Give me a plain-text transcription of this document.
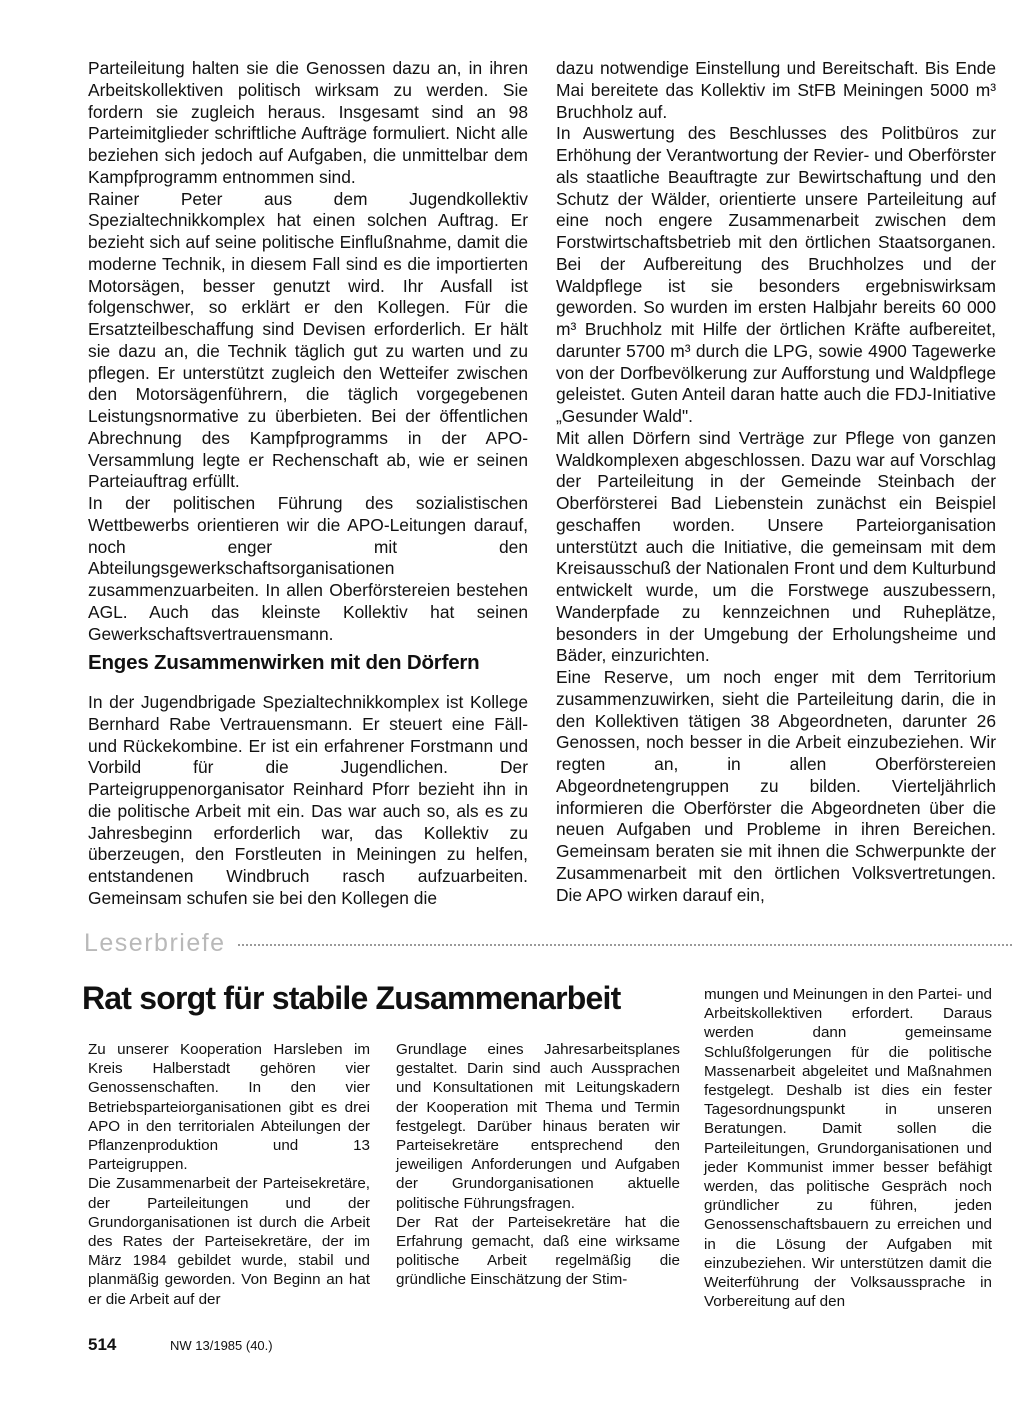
Parteileitung halten sie die Genossen dazu an, in ihren Arbeitskollektiven politisch wirksam zu werden. Sie fordern sie zugleich heraus. Insgesamt sind an 98 Parteimitglieder schriftliche Aufträge formuliert. Nicht alle beziehen sich jedoch auf Aufgaben, die unmittelbar dem Kampfprogramm entnommen sind.

Rainer Peter aus dem Jugendkollektiv Spezialtechnikkomplex hat einen solchen Auftrag. Er bezieht sich auf seine politische Einflußnahme, damit die moderne Technik, in diesem Fall sind es die importierten Motorsägen, besser genutzt wird. Ihr Ausfall ist folgenschwer, so erklärt er den Kollegen. Für die Ersatzteilbeschaffung sind Devisen erforderlich. Er hält sie dazu an, die Technik täglich gut zu warten und zu pflegen. Er unterstützt zugleich den Wetteifer zwischen den Motorsägenführern, die täglich vorgegebenen Leistungsnormative zu überbieten. Bei der öffentlichen Abrechnung des Kampfprogramms in der APO-Versammlung legte er Rechenschaft ab, wie er seinen Parteiauftrag erfüllt.

In der politischen Führung des sozialistischen Wettbewerbs orientieren wir die APO-Leitungen darauf, noch enger mit den Abteilungsgewerkschaftsorganisationen zusammenzuarbeiten. In allen Oberförstereien bestehen AGL. Auch das kleinste Kollektiv hat seinen Gewerkschaftsvertrauensmann.

Enges Zusammenwirken mit den Dörfern

In der Jugendbrigade Spezialtechnikkomplex ist Kollege Bernhard Rabe Vertrauensmann. Er steuert eine Fäll- und Rückekombine. Er ist ein erfahrener Forstmann und Vorbild für die Jugendlichen. Der Parteigruppenorganisator Reinhard Pforr bezieht ihn in die politische Arbeit mit ein. Das war auch so, als es zu Jahresbeginn erforderlich war, das Kollektiv zu überzeugen, den Forstleuten in Meiningen zu helfen, entstandenen Windbruch rasch aufzuarbeiten. Gemeinsam schufen sie bei den Kollegen die

dazu notwendige Einstellung und Bereitschaft. Bis Ende Mai bereitete das Kollektiv im StFB Meiningen 5000 m³ Bruchholz auf.

In Auswertung des Beschlusses des Politbüros zur Erhöhung der Verantwortung der Revier- und Oberförster als staatliche Beauftragte zur Bewirtschaftung und den Schutz der Wälder, orientierte unsere Parteileitung auf eine noch engere Zusammenarbeit zwischen dem Forstwirtschaftsbetrieb mit den örtlichen Staatsorganen. Bei der Aufbereitung des Bruchholzes und der Waldpflege ist sie besonders ergebniswirksam geworden. So wurden im ersten Halbjahr bereits 60 000 m³ Bruchholz mit Hilfe der örtlichen Kräfte aufbereitet, darunter 5700 m³ durch die LPG, sowie 4900 Tagewerke von der Dorfbevölkerung zur Aufforstung und Waldpflege geleistet. Guten Anteil daran hatte auch die FDJ-Initiative „Gesunder Wald".

Mit allen Dörfern sind Verträge zur Pflege von ganzen Waldkomplexen abgeschlossen. Dazu war auf Vorschlag der Parteileitung in der Gemeinde Steinbach der Oberförsterei Bad Liebenstein zunächst ein Beispiel geschaffen worden. Unsere Parteiorganisation unterstützt auch die Initiative, die gemeinsam mit dem Kreisausschuß der Nationalen Front und dem Kulturbund entwickelt wurde, um die Forstwege auszubessern, Wanderpfade zu kennzeichnen und Ruheplätze, besonders in der Umgebung der Erholungsheime und Bäder, einzurichten.

Eine Reserve, um noch enger mit dem Territorium zusammenzuwirken, sieht die Parteileitung darin, die in den Kollektiven tätigen 38 Abgeordneten, darunter 26 Genossen, noch besser in die Arbeit einzubeziehen. Wir regten an, in allen Oberförstereien Abgeordnetengruppen zu bilden. Vierteljährlich informieren die Oberförster die Abgeordneten über die neuen Aufgaben und Probleme in ihren Bereichen. Gemeinsam beraten sie mit ihnen die Schwerpunkte der Zusammenarbeit mit den örtlichen Volksvertretungen. Die APO wirken darauf ein,

Leserbriefe
Rat sorgt für stabile Zusammenarbeit

Zu unserer Kooperation Harsleben im Kreis Halberstadt gehören vier Genossenschaften. In den vier Betriebsparteiorganisationen gibt es drei APO in den territorialen Abteilungen der Pflanzenproduktion und 13 Parteigruppen.

Die Zusammenarbeit der Parteisekretäre, der Parteileitungen und der Grundorganisationen ist durch die Arbeit des Rates der Parteisekretäre, der im März 1984 gebildet wurde, stabil und planmäßig geworden. Von Beginn an hat er die Arbeit auf der

Grundlage eines Jahresarbeitsplanes gestaltet. Darin sind auch Aussprachen und Konsultationen mit Leitungskadern der Kooperation mit Thema und Termin festgelegt. Darüber hinaus beraten wir Parteisekretäre entsprechend den jeweiligen Anforderungen und Aufgaben der Grundorganisationen aktuelle politische Führungsfragen.

Der Rat der Parteisekretäre hat die Erfahrung gemacht, daß eine wirksame politische Arbeit regelmäßig die gründliche Einschätzung der Stim-

mungen und Meinungen in den Partei- und Arbeitskollektiven erfordert. Daraus werden dann gemeinsame Schlußfolgerungen für die politische Massenarbeit abgeleitet und Maßnahmen festgelegt. Deshalb ist dies ein fester Tagesordnungspunkt in unseren Beratungen. Damit sollen die Parteileitungen, Grundorganisationen und jeder Kommunist immer besser befähigt werden, das politische Gespräch noch gründlicher zu führen, jeden Genossenschaftsbauern zu erreichen und in die Lösung der Aufgaben mit einzubeziehen. Wir unterstützen damit die Weiterführung der Volksaussprache in Vorbereitung auf den

514	NW 13/1985 (40.)
